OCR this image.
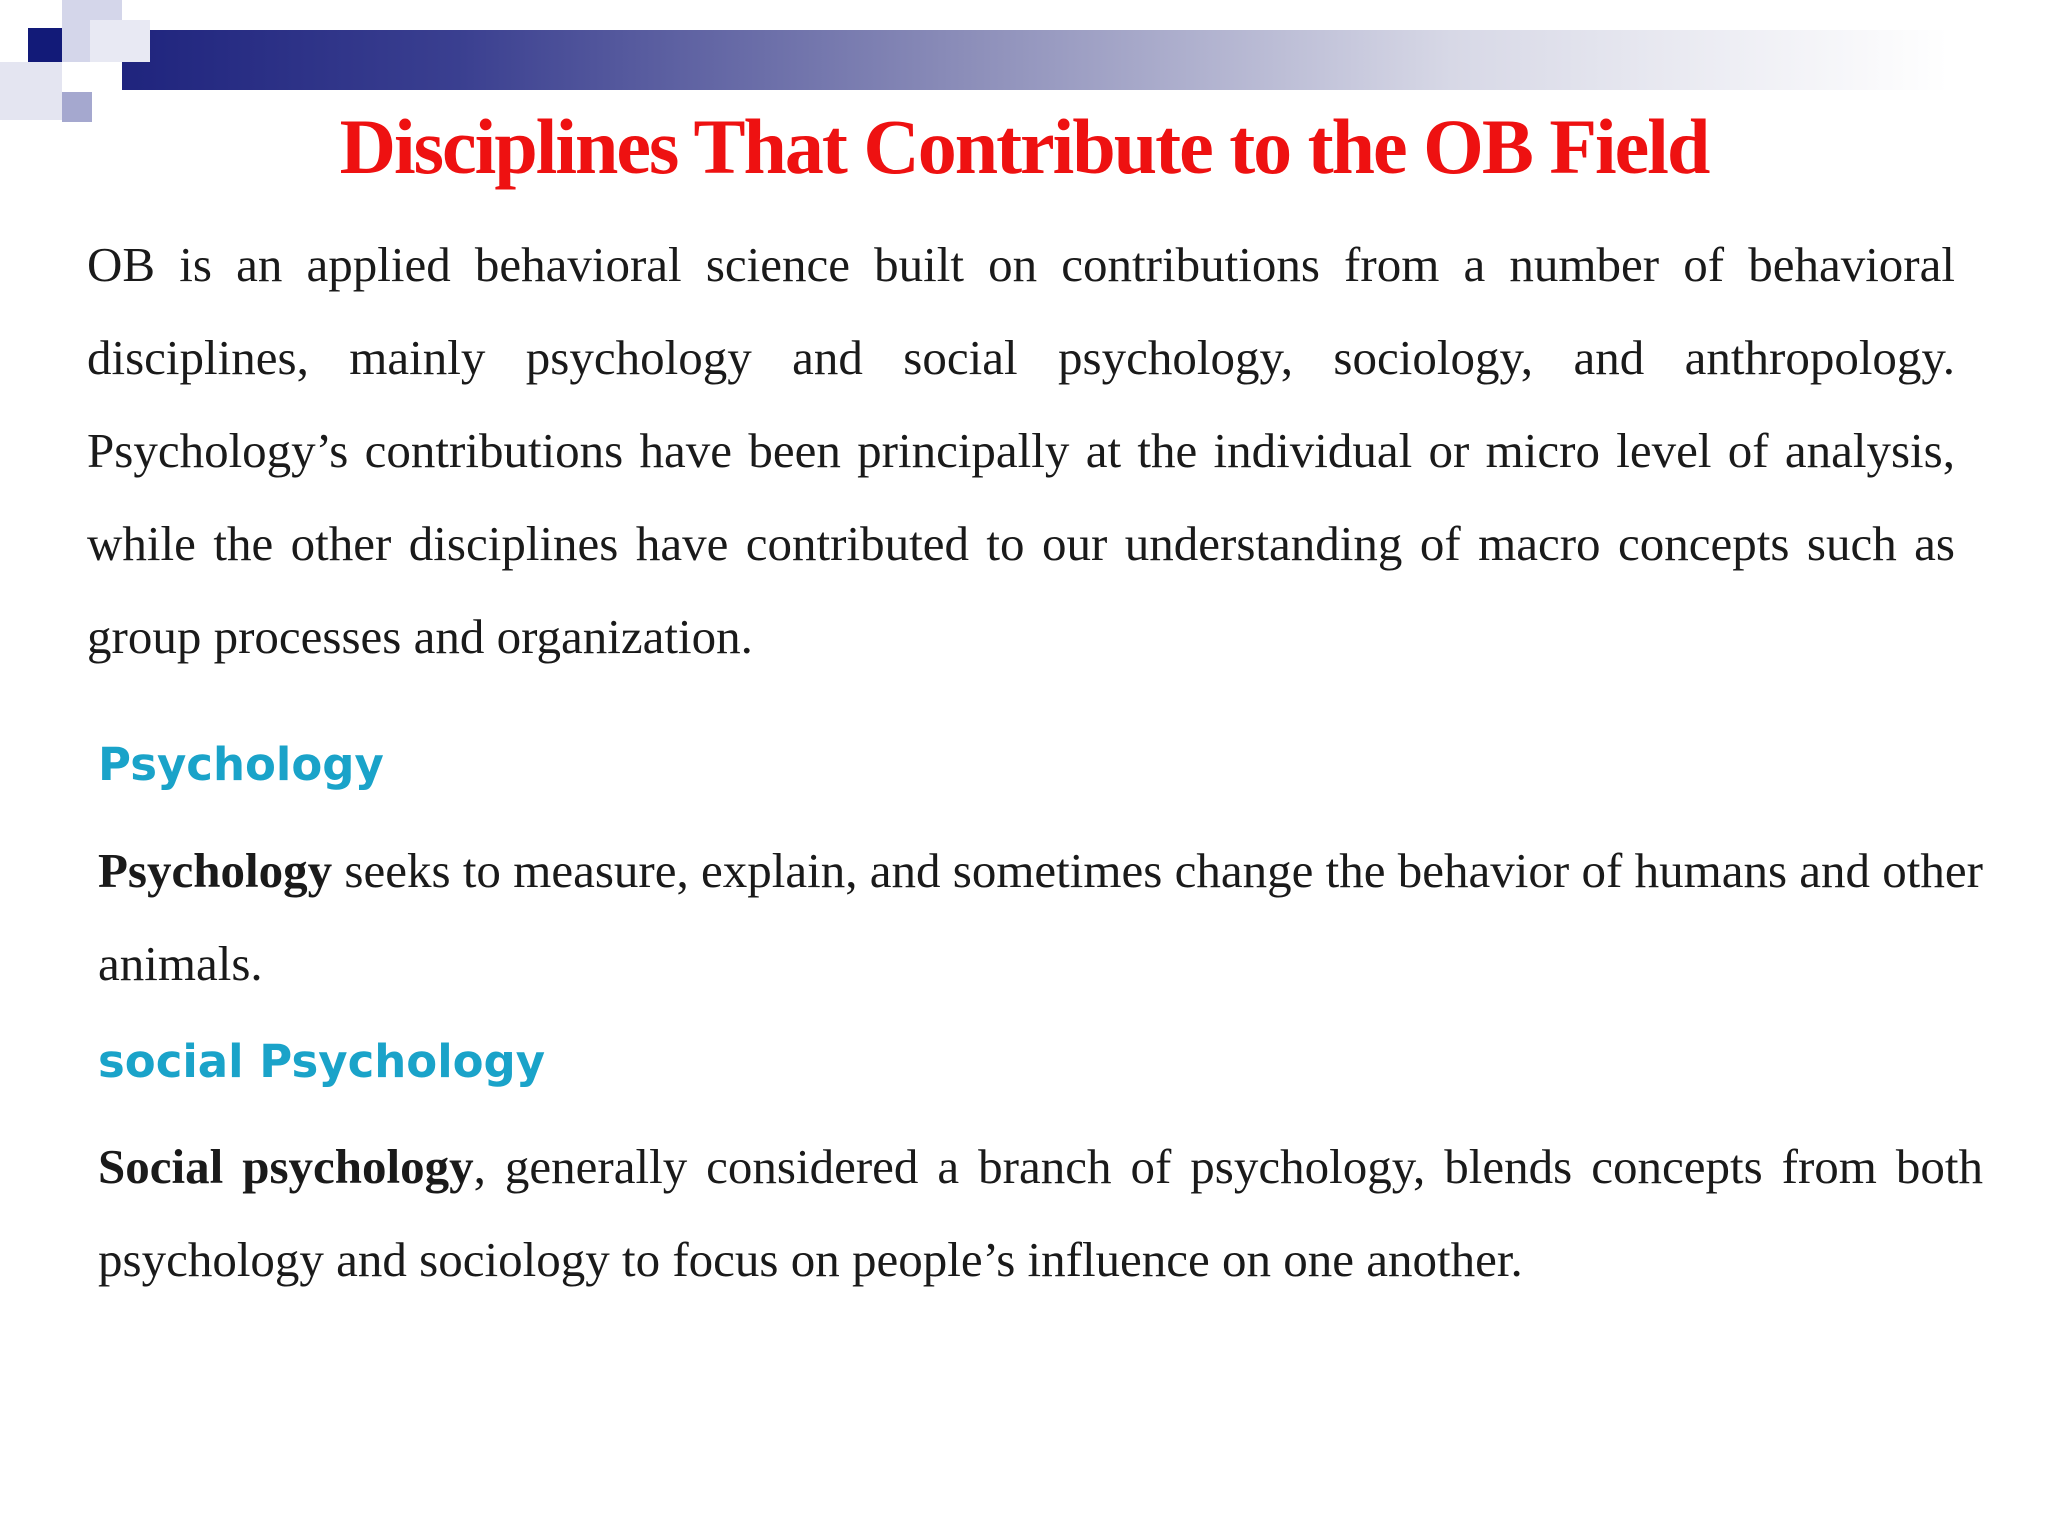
Disciplines That Contribute to the OB Field

OB is an applied behavioral science built on contributions from a number of behavioral disciplines, mainly psychology and social psychology, sociology, and anthropology. Psychology’s contributions have been principally at the individual or micro level of analysis, while the other disciplines have contributed to our understanding of macro concepts such as group processes and organization.

Psychology

Psychology seeks to measure, explain, and sometimes change the behavior of humans and other animals.

social Psychology

Social psychology, generally considered a branch of psychology, blends concepts from both psychology and sociology to focus on people’s influence on one another.
